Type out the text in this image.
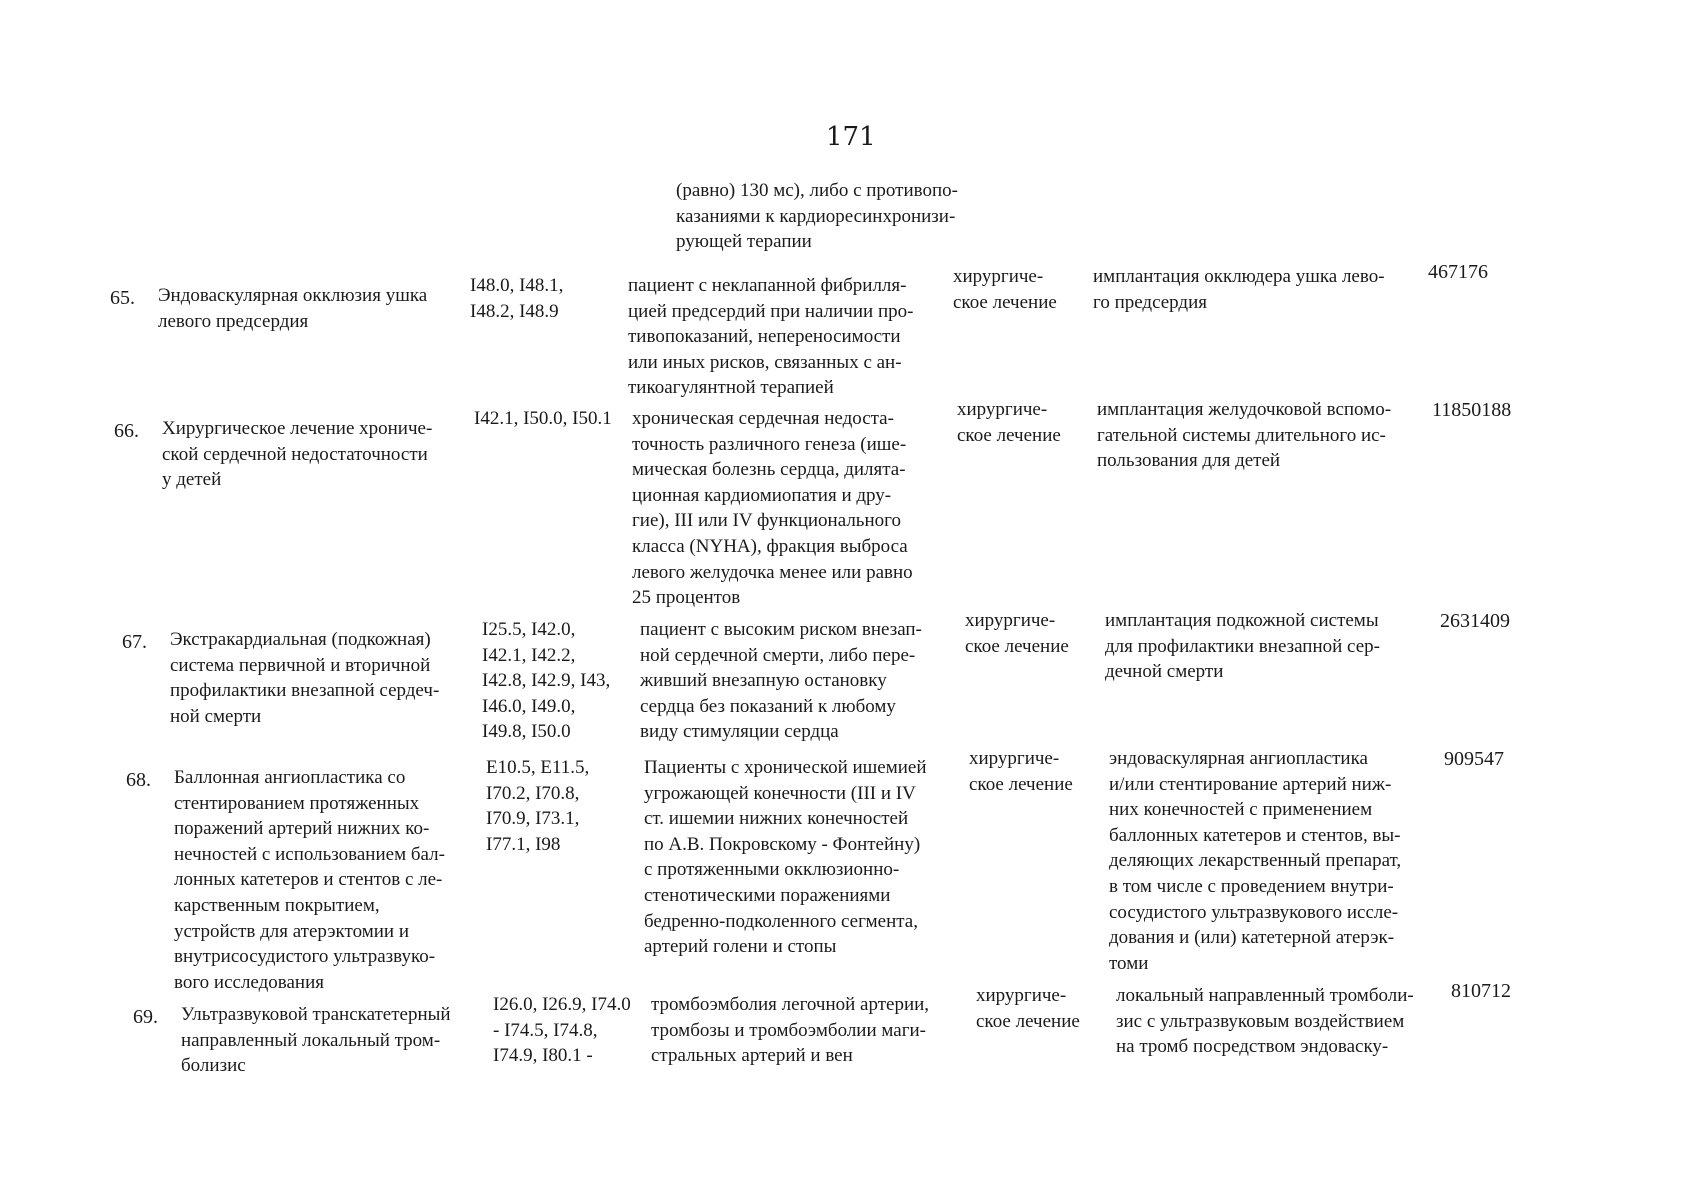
171
(равно) 130 мс), либо с противопо-
казаниями к кардиоресинхронизи-
рующей терапии
65. Эндоваскулярная окклюзия ушка
левого предсердия
I48.0, I48.1,
I48.2, I48.9
пациент с неклапанной фибрилля-
цией предсердий при наличии про-
тивопоказаний, непереносимости
или иных рисков, связанных с ан-
тикоагулянтной терапией
хирургиче-
ское лечение
имплантация окклюдера ушка лево-
го предсердия
467176
66. Хирургическое лечение хрониче-
ской сердечной недостаточности
у детей
I42.1, I50.0, I50.1 хроническая сердечная недоста-
точность различного генеза (ише-
мическая болезнь сердца, дилята-
ционная кардиомиопатия и дру-
гие), III или IV функционального
класса (NYHA), фракция выброса
левого желудочка менее или равно
25 процентов
хирургиче-
ское лечение
имплантация желудочковой вспомо-
гательной системы длительного ис-
пользования для детей
11850188
67. Экстракардиальная (подкожная)
система первичной и вторичной
профилактики внезапной сердеч-
ной смерти
I25.5, I42.0,
I42.1, I42.2,
I42.8, I42.9, I43,
I46.0, I49.0,
I49.8, I50.0
пациент с высоким риском внезап-
ной сердечной смерти, либо пере-
живший внезапную остановку
сердца без показаний к любому
виду стимуляции сердца
хирургиче-
ское лечение
имплантация подкожной системы
для профилактики внезапной сер-
дечной смерти
2631409
68. Баллонная ангиопластика со
стентированием протяженных
поражений артерий нижних ко-
нечностей с использованием бал-
лонных катетеров и стентов с ле-
карственным покрытием,
устройств для атерэктомии и
внутрисосудистого ультразвуко-
вого исследования
E10.5, E11.5,
I70.2, I70.8,
I70.9, I73.1,
I77.1, I98
Пациенты с хронической ишемией
угрожающей конечности (III и IV
ст. ишемии нижних конечностей
по А.В. Покровскому - Фонтейну)
с протяженными окклюзионно-
стенотическими поражениями
бедренно-подколенного сегмента,
артерий голени и стопы
хирургиче-
ское лечение
эндоваскулярная ангиопластика
и/или стентирование артерий ниж-
них конечностей с применением
баллонных катетеров и стентов, вы-
деляющих лекарственный препарат,
в том числе с проведением внутри-
сосудистого ультразвукового иссле-
дования и (или) катетерной атерэк-
томи
909547
69. Ультразвуковой транскатетерный
направленный локальный тром-
болизис
I26.0, I26.9, I74.0
- I74.5, I74.8,
I74.9, I80.1 -
тромбоэмболия легочной артерии,
тромбозы и тромбоэмболии маги-
стральных артерий и вен
хирургиче-
ское лечение
локальный направленный тромболи-
зис с ультразвуковым воздействием
на тромб посредством эндоваску-
810712
